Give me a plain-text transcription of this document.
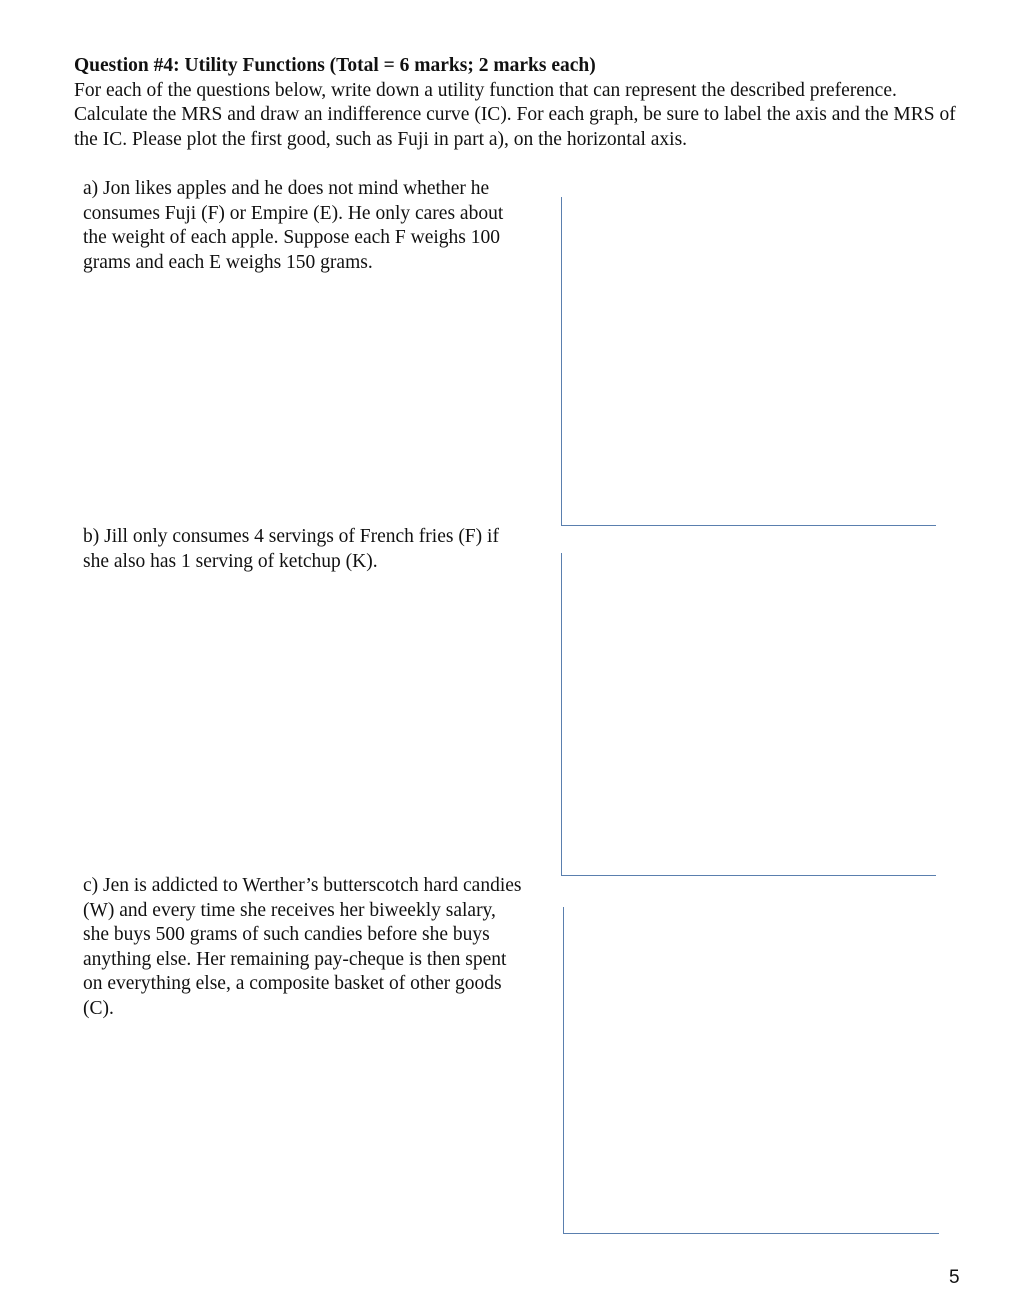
Question #4: Utility Functions (Total = 6 marks; 2 marks each)
For each of the questions below, write down a utility function that can represent the described preference. Calculate the MRS and draw an indifference curve (IC). For each graph, be sure to label the axis and the MRS of the IC. Please plot the first good, such as Fuji in part a), on the horizontal axis.

a) Jon likes apples and he does not mind whether he consumes Fuji (F) or Empire (E). He only cares about the weight of each apple. Suppose each F weighs 100 grams and each E weighs 150 grams.

b) Jill only consumes 4 servings of French fries (F) if she also has 1 serving of ketchup (K).

c) Jen is addicted to Werther’s butterscotch hard candies (W) and every time she receives her biweekly salary, she buys 500 grams of such candies before she buys anything else. Her remaining pay-cheque is then spent on everything else, a composite basket of other goods (C).

5
